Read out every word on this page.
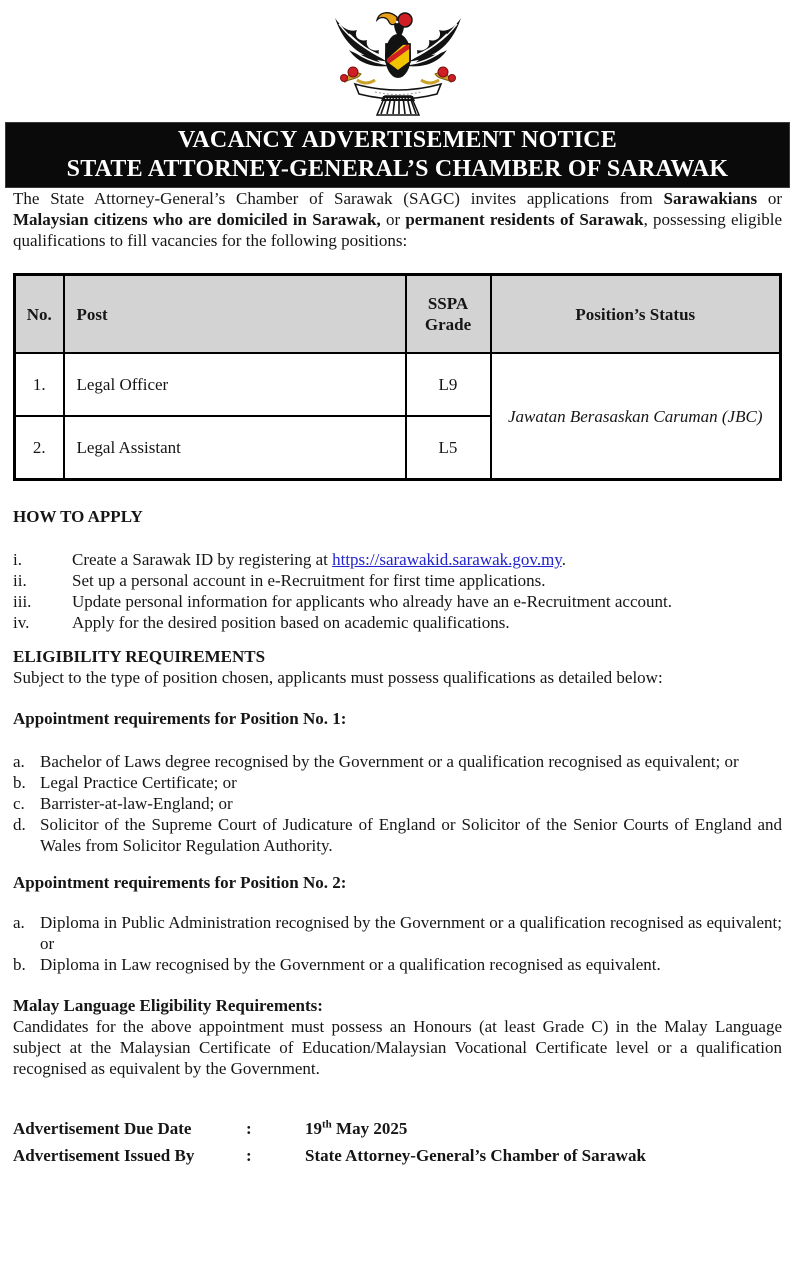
VACANCY ADVERTISEMENT NOTICE
STATE ATTORNEY-GENERAL’S CHAMBER OF SARAWAK

The State Attorney-General’s Chamber of Sarawak (SAGC) invites applications from Sarawakians or Malaysian citizens who are domiciled in Sarawak, or permanent residents of Sarawak, possessing eligible qualifications to fill vacancies for the following positions:

No.	Post	SSPA Grade	Position’s Status
1.	Legal Officer	L9	Jawatan Berasaskan Caruman (JBC)
2.	Legal Assistant	L5	

HOW TO APPLY

i.	Create a Sarawak ID by registering at https://sarawakid.sarawak.gov.my.
ii.	Set up a personal account in e-Recruitment for first time applications.
iii.	Update personal information for applicants who already have an e-Recruitment account.
iv.	Apply for the desired position based on academic qualifications.

ELIGIBILITY REQUIREMENTS

Subject to the type of position chosen, applicants must possess qualifications as detailed below:

Appointment requirements for Position No. 1:

a. Bachelor of Laws degree recognised by the Government or a qualification recognised as equivalent; or
b. Legal Practice Certificate; or
c. Barrister-at-law-England; or
d. Solicitor of the Supreme Court of Judicature of England or Solicitor of the Senior Courts of England and Wales from Solicitor Regulation Authority.

Appointment requirements for Position No. 2:

a. Diploma in Public Administration recognised by the Government or a qualification recognised as equivalent; or
b. Diploma in Law recognised by the Government or a qualification recognised as equivalent.

Malay Language Eligibility Requirements:

Candidates for the above appointment must possess an Honours (at least Grade C) in the Malay Language subject at the Malaysian Certificate of Education/Malaysian Vocational Certificate level or a qualification recognised as equivalent by the Government.

Advertisement Due Date	:	19th May 2025
Advertisement Issued By	:	State Attorney-General’s Chamber of Sarawak
